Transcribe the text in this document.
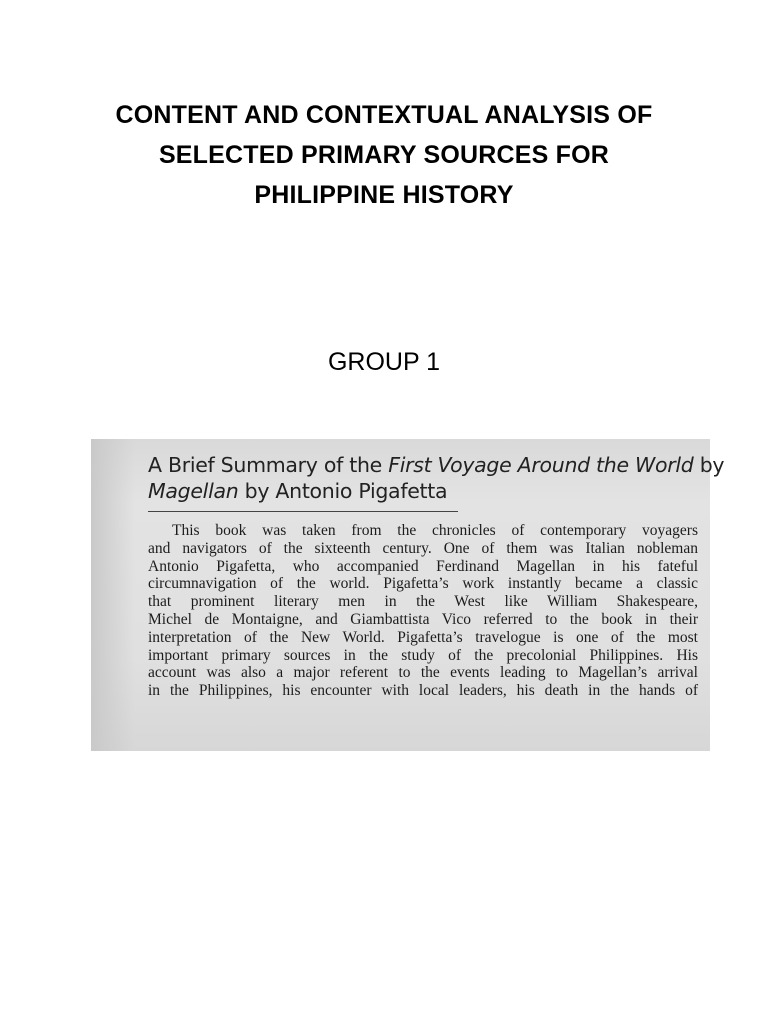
CONTENT AND CONTEXTUAL ANALYSIS OF
SELECTED PRIMARY SOURCES FOR
PHILIPPINE HISTORY
GROUP 1
A Brief Summary of the First Voyage Around the World by
Magellan by Antonio Pigafetta
This book was taken from the chronicles of contemporary voyagers
and navigators of the sixteenth century. One of them was Italian nobleman
Antonio Pigafetta, who accompanied Ferdinand Magellan in his fateful
circumnavigation of the world. Pigafetta’s work instantly became a classic
that prominent literary men in the West like William Shakespeare,
Michel de Montaigne, and Giambattista Vico referred to the book in their
interpretation of the New World. Pigafetta’s travelogue is one of the most
important primary sources in the study of the precolonial Philippines. His
account was also a major referent to the events leading to Magellan’s arrival
in the Philippines, his encounter with local leaders, his death in the hands of
